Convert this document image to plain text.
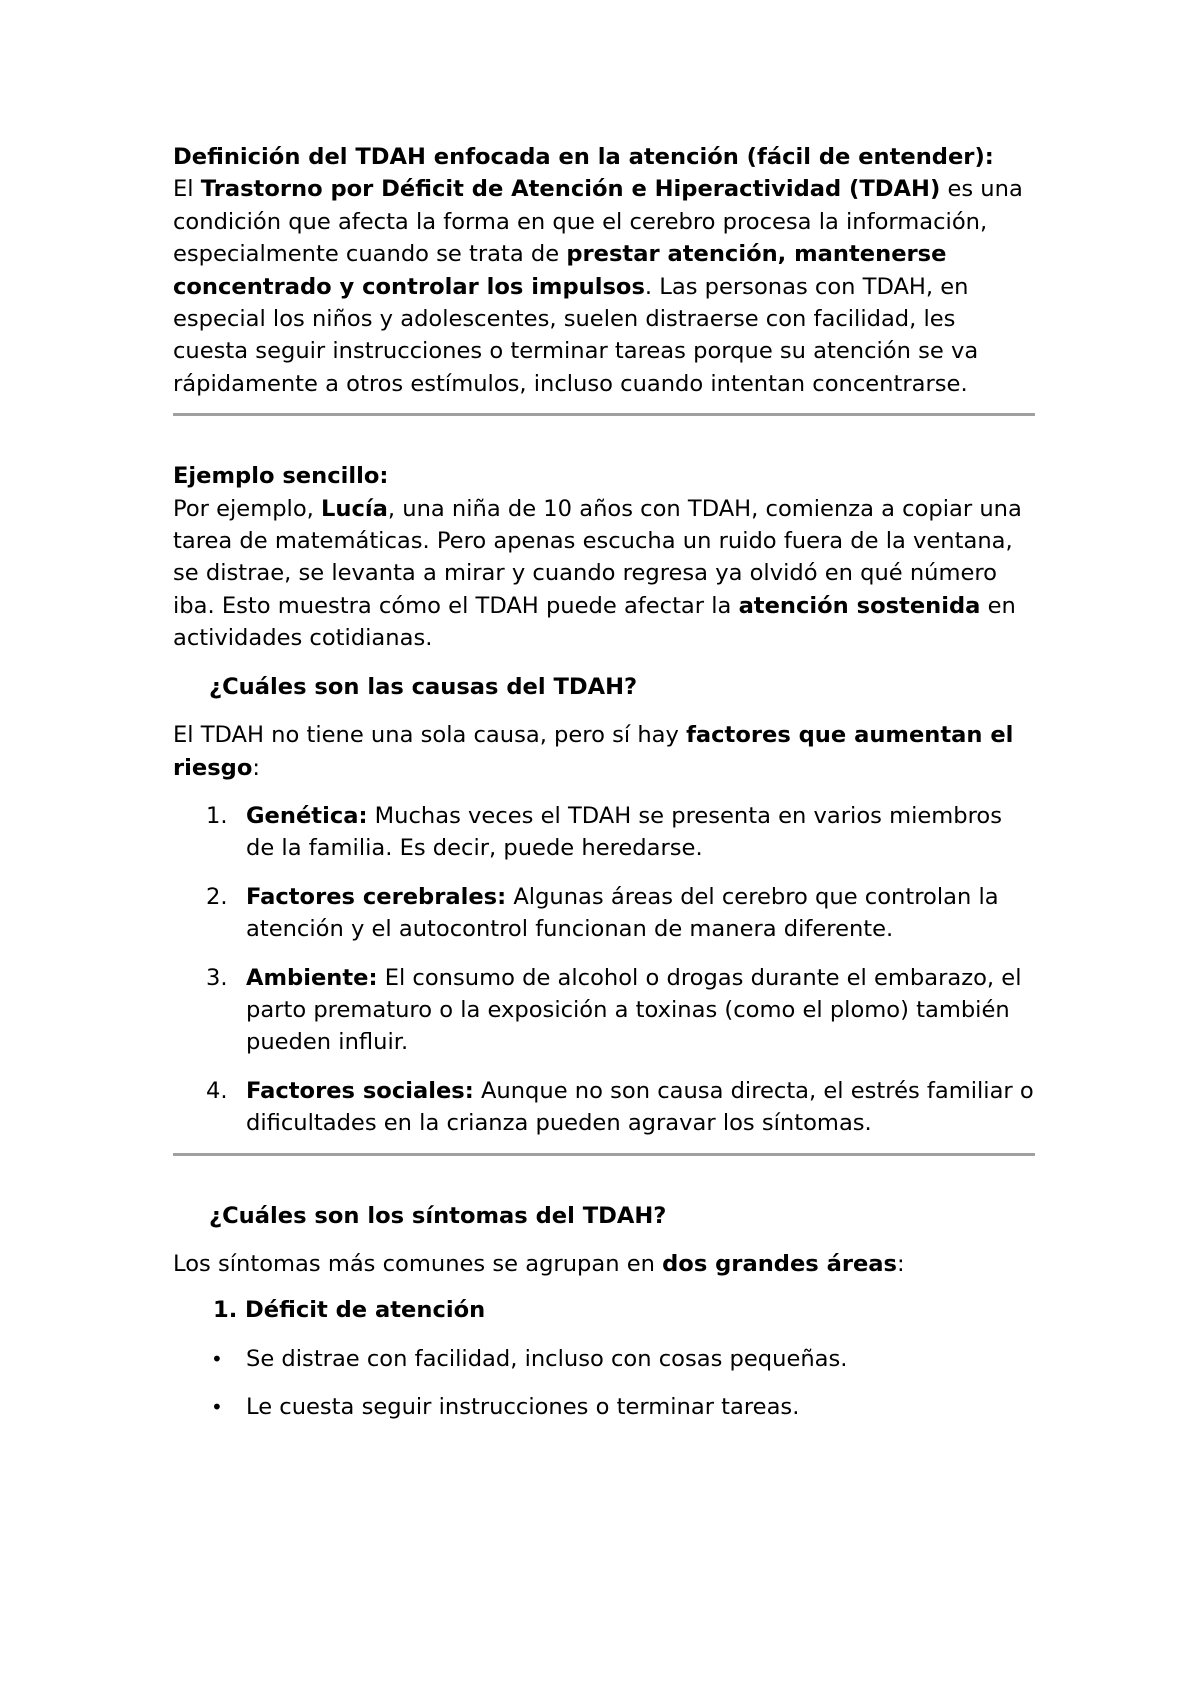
Definición del TDAH enfocada en la atención (fácil de entender):

El Trastorno por Déficit de Atención e Hiperactividad (TDAH) es una condición que afecta la forma en que el cerebro procesa la información, especialmente cuando se trata de prestar atención, mantenerse concentrado y controlar los impulsos. Las personas con TDAH, en especial los niños y adolescentes, suelen distraerse con facilidad, les cuesta seguir instrucciones o terminar tareas porque su atención se va rápidamente a otros estímulos, incluso cuando intentan concentrarse.

Ejemplo sencillo:

Por ejemplo, Lucía, una niña de 10 años con TDAH, comienza a copiar una tarea de matemáticas. Pero apenas escucha un ruido fuera de la ventana, se distrae, se levanta a mirar y cuando regresa ya olvidó en qué número iba. Esto muestra cómo el TDAH puede afectar la atención sostenida en actividades cotidianas.

¿Cuáles son las causas del TDAH?

El TDAH no tiene una sola causa, pero sí hay factores que aumentan el riesgo:

1. Genética: Muchas veces el TDAH se presenta en varios miembros de la familia. Es decir, puede heredarse.
2. Factores cerebrales: Algunas áreas del cerebro que controlan la atención y el autocontrol funcionan de manera diferente.
3. Ambiente: El consumo de alcohol o drogas durante el embarazo, el parto prematuro o la exposición a toxinas (como el plomo) también pueden influir.
4. Factores sociales: Aunque no son causa directa, el estrés familiar o dificultades en la crianza pueden agravar los síntomas.

¿Cuáles son los síntomas del TDAH?

Los síntomas más comunes se agrupan en dos grandes áreas:

1. Déficit de atención

• Se distrae con facilidad, incluso con cosas pequeñas.
• Le cuesta seguir instrucciones o terminar tareas.
